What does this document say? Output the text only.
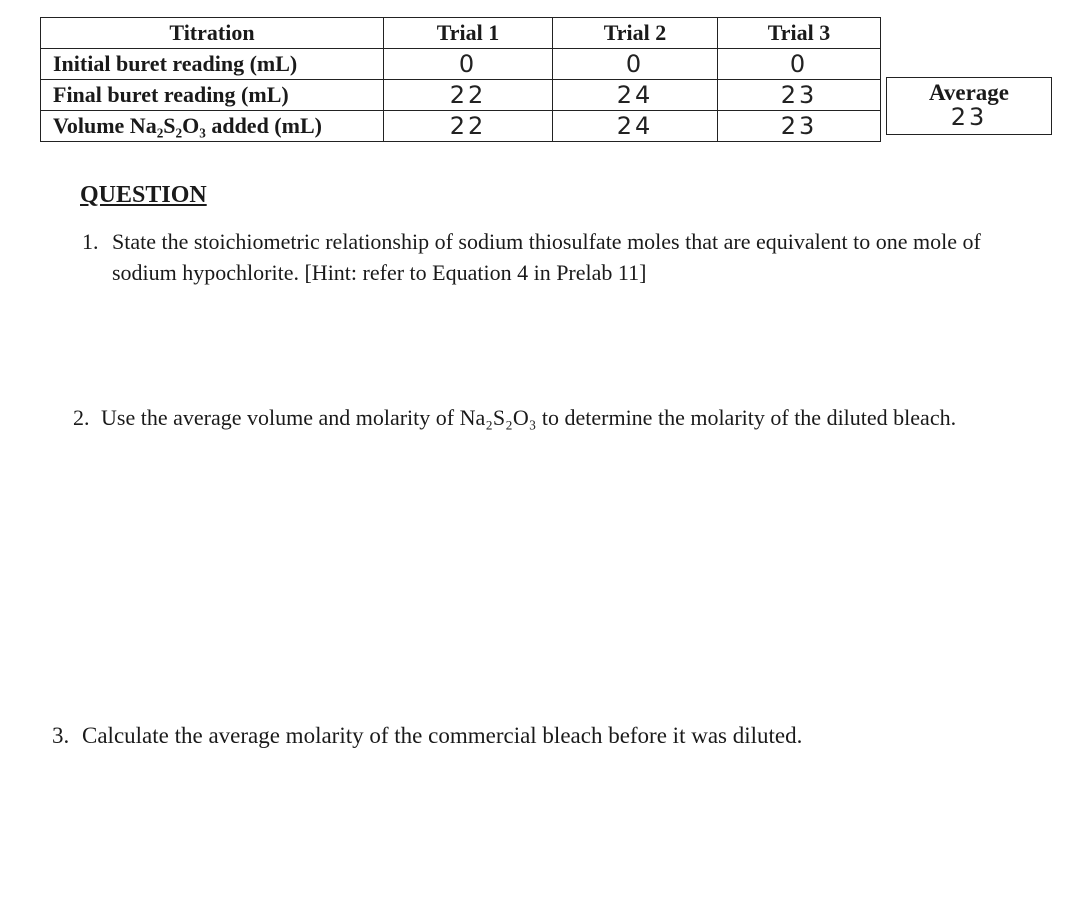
Titration	Trial 1	Trial 2	Trial 3
Initial buret reading (mL)	0	0	0
Final buret reading (mL)	22	24	23
Volume Na₂S₂O₃ added (mL)	22	24	23
Average
23
QUESTION
1. State the stoichiometric relationship of sodium thiosulfate moles that are equivalent to one mole of sodium hypochlorite. [Hint: refer to Equation 4 in Prelab 11]
2. Use the average volume and molarity of Na₂S₂O₃ to determine the molarity of the diluted bleach.
3. Calculate the average molarity of the commercial bleach before it was diluted.
